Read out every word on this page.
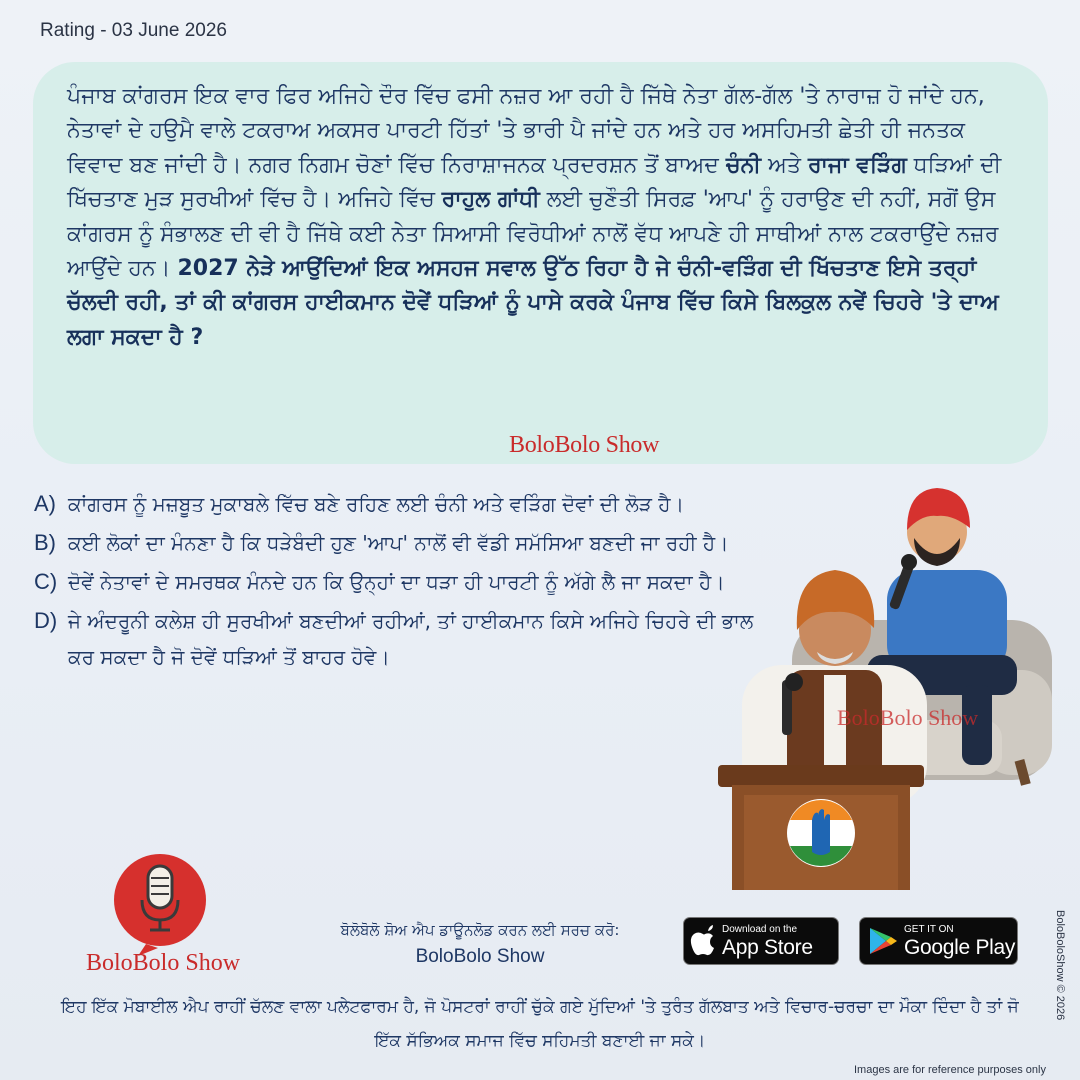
Rating - 03 June 2026

ਪੰਜਾਬ ਕਾਂਗਰਸ ਇਕ ਵਾਰ ਫਿਰ ਅਜਿਹੇ ਦੌਰ ਵਿੱਚ ਫਸੀ ਨਜ਼ਰ ਆ ਰਹੀ ਹੈ ਜਿੱਥੇ ਨੇਤਾ ਗੱਲ-ਗੱਲ 'ਤੇ ਨਾਰਾਜ਼ ਹੋ ਜਾਂਦੇ ਹਨ, ਨੇਤਾਵਾਂ ਦੇ ਹਉਮੈ ਵਾਲੇ ਟਕਰਾਅ ਅਕਸਰ ਪਾਰਟੀ ਹਿੱਤਾਂ 'ਤੇ ਭਾਰੀ ਪੈ ਜਾਂਦੇ ਹਨ ਅਤੇ ਹਰ ਅਸਹਿਮਤੀ ਛੇਤੀ ਹੀ ਜਨਤਕ ਵਿਵਾਦ ਬਣ ਜਾਂਦੀ ਹੈ। ਨਗਰ ਨਿਗਮ ਚੋਣਾਂ ਵਿੱਚ ਨਿਰਾਸ਼ਾਜਨਕ ਪ੍ਰਦਰਸ਼ਨ ਤੋਂ ਬਾਅਦ ਚੰਨੀ ਅਤੇ ਰਾਜਾ ਵੜਿੰਗ ਧੜਿਆਂ ਦੀ ਖਿੱਚਤਾਣ ਮੁੜ ਸੁਰਖੀਆਂ ਵਿੱਚ ਹੈ। ਅਜਿਹੇ ਵਿੱਚ ਰਾਹੁਲ ਗਾਂਧੀ ਲਈ ਚੁਣੌਤੀ ਸਿਰਫ਼ 'ਆਪ' ਨੂੰ ਹਰਾਉਣ ਦੀ ਨਹੀਂ, ਸਗੋਂ ਉਸ ਕਾਂਗਰਸ ਨੂੰ ਸੰਭਾਲਣ ਦੀ ਵੀ ਹੈ ਜਿੱਥੇ ਕਈ ਨੇਤਾ ਸਿਆਸੀ ਵਿਰੋਧੀਆਂ ਨਾਲੋਂ ਵੱਧ ਆਪਣੇ ਹੀ ਸਾਥੀਆਂ ਨਾਲ ਟਕਰਾਉਂਦੇ ਨਜ਼ਰ ਆਉਂਦੇ ਹਨ। 2027 ਨੇੜੇ ਆਉਂਦਿਆਂ ਇਕ ਅਸਹਜ ਸਵਾਲ ਉੱਠ ਰਿਹਾ ਹੈ ਜੇ ਚੰਨੀ-ਵੜਿੰਗ ਦੀ ਖਿੱਚਤਾਣ ਇਸੇ ਤਰ੍ਹਾਂ ਚੱਲਦੀ ਰਹੀ, ਤਾਂ ਕੀ ਕਾਂਗਰਸ ਹਾਈਕਮਾਨ ਦੋਵੇਂ ਧੜਿਆਂ ਨੂੰ ਪਾਸੇ ਕਰਕੇ ਪੰਜਾਬ ਵਿੱਚ ਕਿਸੇ ਬਿਲਕੁਲ ਨਵੇਂ ਚਿਹਰੇ 'ਤੇ ਦਾਅ ਲਗਾ ਸਕਦਾ ਹੈ ?

BoloBolo Show
A) ਕਾਂਗਰਸ ਨੂੰ ਮਜ਼ਬੂਤ ਮੁਕਾਬਲੇ ਵਿੱਚ ਬਣੇ ਰਹਿਣ ਲਈ ਚੰਨੀ ਅਤੇ ਵੜਿੰਗ ਦੋਵਾਂ ਦੀ ਲੋੜ ਹੈ।
B) ਕਈ ਲੋਕਾਂ ਦਾ ਮੰਨਣਾ ਹੈ ਕਿ ਧੜੇਬੰਦੀ ਹੁਣ 'ਆਪ' ਨਾਲੋਂ ਵੀ ਵੱਡੀ ਸਮੱਸਿਆ ਬਣਦੀ ਜਾ ਰਹੀ ਹੈ।
C) ਦੋਵੇਂ ਨੇਤਾਵਾਂ ਦੇ ਸਮਰਥਕ ਮੰਨਦੇ ਹਨ ਕਿ ਉਨ੍ਹਾਂ ਦਾ ਧੜਾ ਹੀ ਪਾਰਟੀ ਨੂੰ ਅੱਗੇ ਲੈ ਜਾ ਸਕਦਾ ਹੈ।
D) ਜੇ ਅੰਦਰੂਨੀ ਕਲੇਸ਼ ਹੀ ਸੁਰਖੀਆਂ ਬਣਦੀਆਂ ਰਹੀਆਂ, ਤਾਂ ਹਾਈਕਮਾਨ ਕਿਸੇ ਅਜਿਹੇ ਚਿਹਰੇ ਦੀ ਭਾਲ ਕਰ ਸਕਦਾ ਹੈ ਜੋ ਦੋਵੇਂ ਧੜਿਆਂ ਤੋਂ ਬਾਹਰ ਹੋਵੇ।
BoloBolo Show
BoloBolo Show
ਬੋਲੋਬੋਲੋ ਸ਼ੋਅ ਐਪ ਡਾਊਨਲੋਡ ਕਰਨ ਲਈ ਸਰਚ ਕਰੋ:
BoloBolo Show
Download on the
App Store
GET IT ON
Google Play
ਇਹ ਇੱਕ ਮੋਬਾਈਲ ਐਪ ਰਾਹੀਂ ਚੱਲਣ ਵਾਲਾ ਪਲੇਟਫਾਰਮ ਹੈ, ਜੋ ਪੋਸਟਰਾਂ ਰਾਹੀਂ ਚੁੱਕੇ ਗਏ ਮੁੱਦਿਆਂ 'ਤੇ ਤੁਰੰਤ ਗੱਲਬਾਤ ਅਤੇ ਵਿਚਾਰ-ਚਰਚਾ ਦਾ ਮੌਕਾ ਦਿੰਦਾ ਹੈ ਤਾਂ ਜੋ ਇੱਕ ਸੱਭਿਅਕ ਸਮਾਜ ਵਿੱਚ ਸਹਿਮਤੀ ਬਣਾਈ ਜਾ ਸਕੇ।
BoloBoloShow © 2026
Images are for reference purposes only
